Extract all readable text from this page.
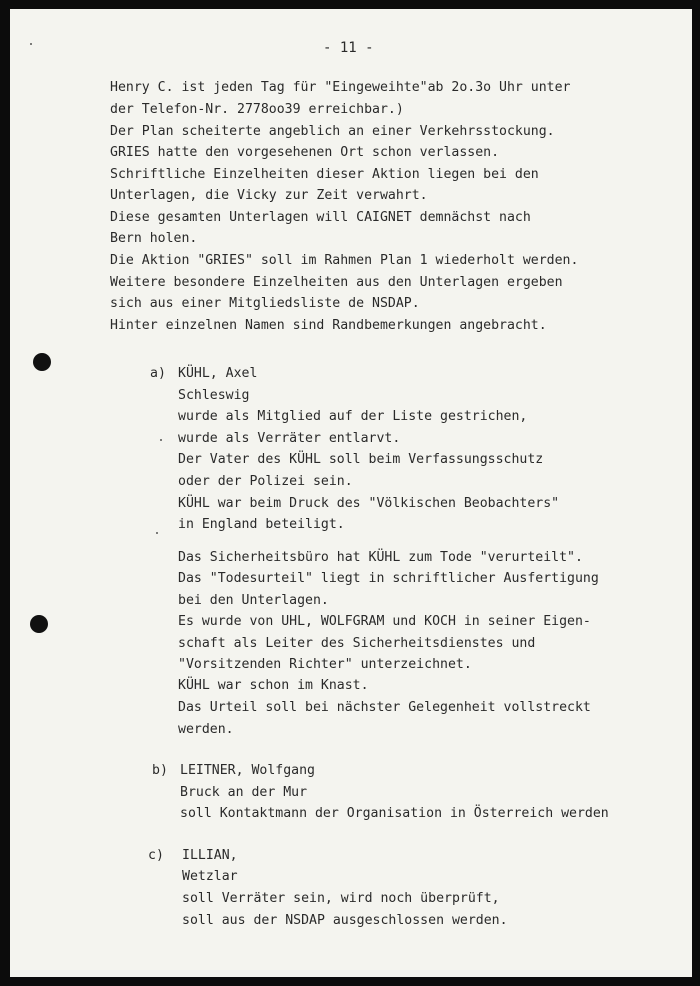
- 11 -
Henry C. ist jeden Tag für "Eingeweihte"ab 2o.3o Uhr unter
der Telefon-Nr. 2778oo39 erreichbar.)
Der Plan scheiterte angeblich an einer Verkehrsstockung.
GRIES hatte den vorgesehenen Ort schon verlassen.
Schriftliche Einzelheiten dieser Aktion liegen bei den
Unterlagen, die Vicky zur Zeit verwahrt.
Diese gesamten Unterlagen will CAIGNET demnächst nach
Bern holen.
Die Aktion "GRIES" soll im Rahmen Plan 1 wiederholt werden.
Weitere besondere Einzelheiten aus den Unterlagen ergeben
sich aus einer Mitgliedsliste de NSDAP.
Hinter einzelnen Namen sind Randbemerkungen angebracht.
a) KÜHL, Axel
Schleswig
wurde als Mitglied auf der Liste gestrichen,
wurde als Verräter entlarvt.
Der Vater des KÜHL soll beim Verfassungsschutz
oder der Polizei sein.
KÜHL war beim Druck des "Völkischen Beobachters"
in England beteiligt.
Das Sicherheitsbüro hat KÜHL zum Tode "verurteilt".
Das "Todesurteil" liegt in schriftlicher Ausfertigung
bei den Unterlagen.
Es wurde von UHL, WOLFGRAM und KOCH in seiner Eigen-
schaft als Leiter des Sicherheitsdienstes und
"Vorsitzenden Richter" unterzeichnet.
KÜHL war schon im Knast.
Das Urteil soll bei nächster Gelegenheit vollstreckt
werden.
b) LEITNER, Wolfgang
Bruck an der Mur
soll Kontaktmann der Organisation in Österreich werden
c) ILLIAN,
Wetzlar
soll Verräter sein, wird noch überprüft,
soll aus der NSDAP ausgeschlossen werden.
